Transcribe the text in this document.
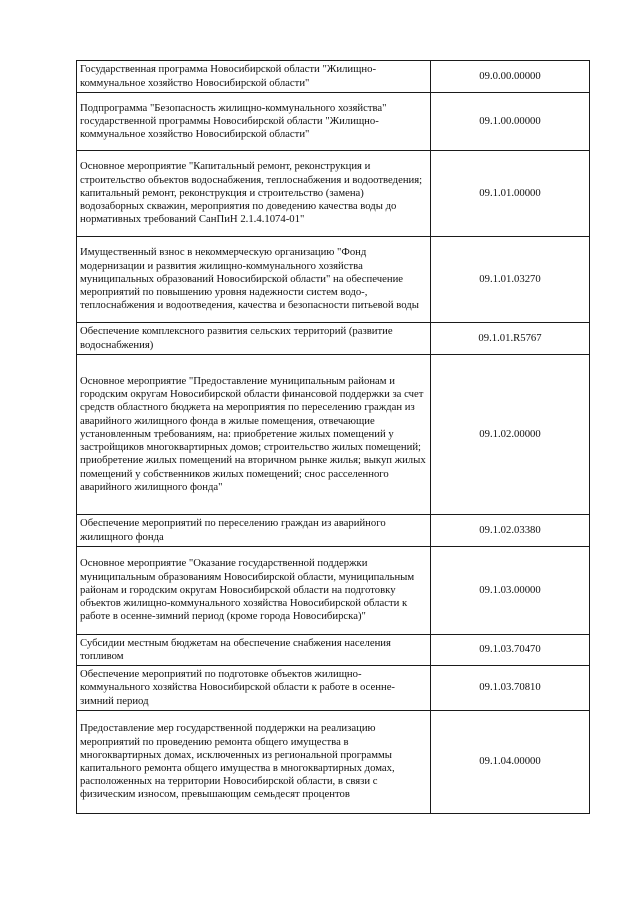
Государственная программа Новосибирской области "Жилищно-коммунальное хозяйство Новосибирской области"	09.0.00.00000
Подпрограмма "Безопасность жилищно-коммунального хозяйства" государственной программы Новосибирской области "Жилищно-коммунальное хозяйство Новосибирской области"	09.1.00.00000
Основное мероприятие "Капитальный ремонт, реконструкция и строительство объектов водоснабжения, теплоснабжения и водоотведения; капитальный ремонт, реконструкция и строительство (замена) водозаборных скважин, мероприятия по доведению качества воды до нормативных требований СанПиН 2.1.4.1074-01"	09.1.01.00000
Имущественный взнос в некоммерческую организацию "Фонд модернизации и развития жилищно-коммунального хозяйства муниципальных образований Новосибирской области" на обеспечение мероприятий по повышению уровня надежности систем водо-, теплоснабжения и водоотведения, качества и безопасности питьевой воды	09.1.01.03270
Обеспечение комплексного развития сельских территорий (развитие водоснабжения)	09.1.01.R5767
Основное мероприятие "Предоставление муниципальным районам и городским округам Новосибирской области финансовой поддержки за счет средств областного бюджета на мероприятия по переселению граждан из аварийного жилищного фонда в жилые помещения, отвечающие установленным требованиям, на: приобретение жилых помещений у застройщиков многоквартирных домов; строительство жилых помещений; приобретение жилых помещений на вторичном рынке жилья; выкуп жилых помещений у собственников жилых помещений; снос расселенного аварийного жилищного фонда"	09.1.02.00000
Обеспечение мероприятий по переселению граждан из аварийного жилищного фонда	09.1.02.03380
Основное мероприятие "Оказание государственной поддержки муниципальным образованиям Новосибирской области, муниципальным районам и городским округам Новосибирской области на подготовку объектов жилищно-коммунального хозяйства Новосибирской области к работе в осенне-зимний период (кроме города Новосибирска)"	09.1.03.00000
Субсидии местным бюджетам на обеспечение снабжения населения топливом	09.1.03.70470
Обеспечение мероприятий по подготовке объектов жилищно-коммунального хозяйства Новосибирской области к работе в осенне-зимний период	09.1.03.70810
Предоставление мер государственной поддержки на реализацию мероприятий по проведению ремонта общего имущества в многоквартирных домах, исключенных из региональной программы капитального ремонта общего имущества в многоквартирных домах, расположенных на территории Новосибирской области, в связи с физическим износом, превышающим семьдесят процентов	09.1.04.00000
